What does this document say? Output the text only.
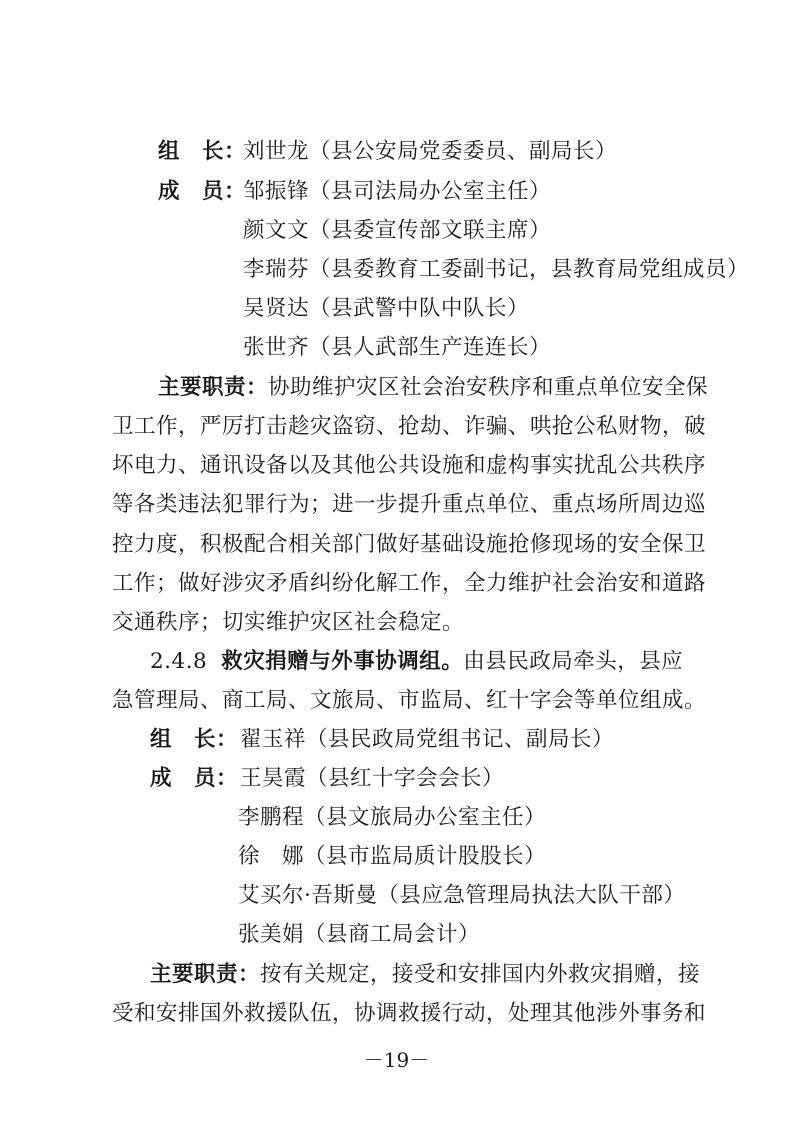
组　长：刘世龙（县公安局党委委员、副局长）
成　员：邹振锋（县司法局办公室主任）
颜文文（县委宣传部文联主席）
李瑞芬（县委教育工委副书记，县教育局党组成员）
吴贤达（县武警中队中队长）
张世齐（县人武部生产连连长）
主要职责：协助维护灾区社会治安秩序和重点单位安全保
卫工作，严厉打击趁灾盗窃、抢劫、诈骗、哄抢公私财物，破
坏电力、通讯设备以及其他公共设施和虚构事实扰乱公共秩序
等各类违法犯罪行为；进一步提升重点单位、重点场所周边巡
控力度，积极配合相关部门做好基础设施抢修现场的安全保卫
工作；做好涉灾矛盾纠纷化解工作，全力维护社会治安和道路
交通秩序；切实维护灾区社会稳定。
2.4.8 救灾捐赠与外事协调组。由县民政局牵头，县应
急管理局、商工局、文旅局、市监局、红十字会等单位组成。
组　长：翟玉祥（县民政局党组书记、副局长）
成　员：王昊霞（县红十字会会长）
李鹏程（县文旅局办公室主任）
徐　娜（县市监局质计股股长）
艾买尔·吾斯曼（县应急管理局执法大队干部）
张美娟（县商工局会计）
主要职责：按有关规定，接受和安排国内外救灾捐赠，接
受和安排国外救援队伍，协调救援行动，处理其他涉外事务和
－19－
